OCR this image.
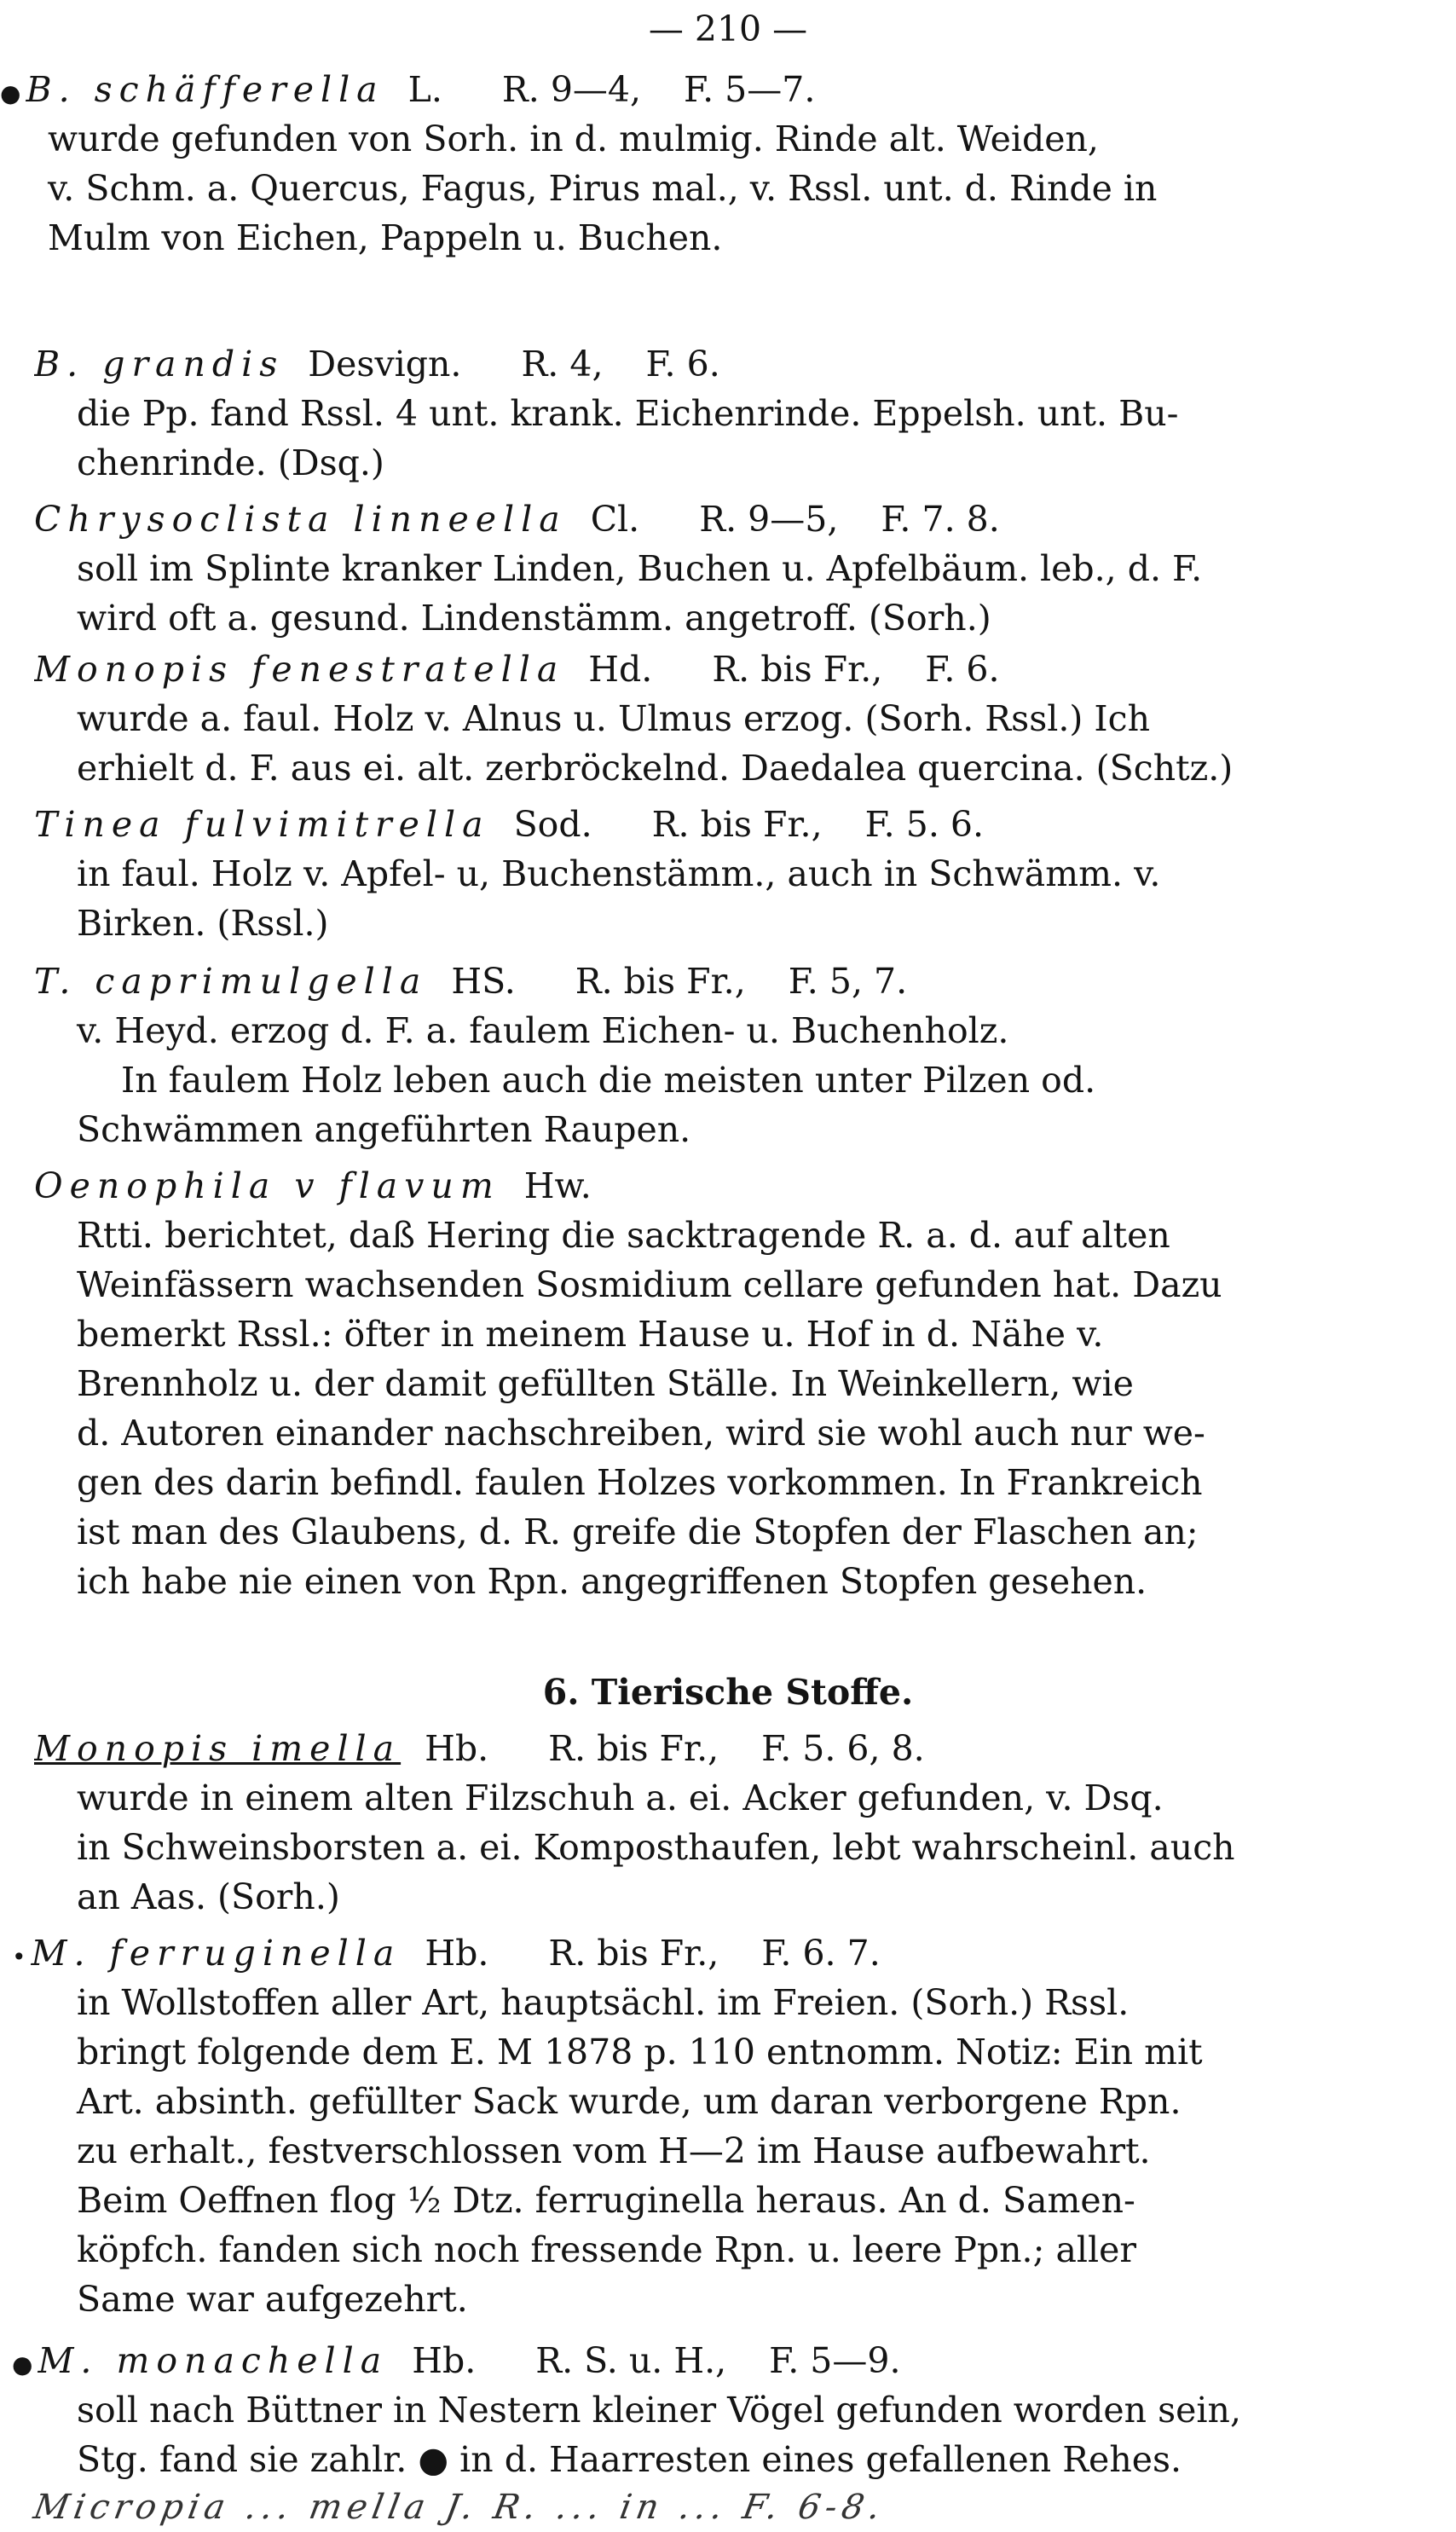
— 210 —
● B. schäfferella L. R. 9—4, F. 5—7.
wurde gefunden von Sorh. in d. mulmig. Rinde alt. Weiden,
v. Schm. a. Quercus, Fagus, Pirus mal., v. Rssl. unt. d. Rinde in
Mulm von Eichen, Pappeln u. Buchen.
B. grandis Desvign. R. 4, F. 6.
die Pp. fand Rssl. 4 unt. krank. Eichenrinde. Eppelsh. unt. Bu-
chenrinde. (Dsq.)
Chrysoclista linneella Cl. R. 9—5, F. 7. 8.
soll im Splinte kranker Linden, Buchen u. Apfelbäum. leb., d. F.
wird oft a. gesund. Lindenstämm. angetroff. (Sorh.)
Monopis fenestratella Hd. R. bis Fr., F. 6.
wurde a. faul. Holz v. Alnus u. Ulmus erzog. (Sorh. Rssl.) Ich
erhielt d. F. aus ei. alt. zerbröckelnd. Daedalea quercina. (Schtz.)
Tinea fulvimitrella Sod. R. bis Fr., F. 5. 6.
in faul. Holz v. Apfel- u, Buchenstämm., auch in Schwämm. v.
Birken. (Rssl.)
T. caprimulgella HS. R. bis Fr., F. 5, 7.
v. Heyd. erzog d. F. a. faulem Eichen- u. Buchenholz.
In faulem Holz leben auch die meisten unter Pilzen od.
Schwämmen angeführten Raupen.
Oenophila v flavum Hw.
Rtti. berichtet, daß Hering die sacktragende R. a. d. auf alten
Weinfässern wachsenden Sosmidium cellare gefunden hat. Dazu
bemerkt Rssl.: öfter in meinem Hause u. Hof in d. Nähe v.
Brennholz u. der damit gefüllten Ställe. In Weinkellern, wie
d. Autoren einander nachschreiben, wird sie wohl auch nur we-
gen des darin befindl. faulen Holzes vorkommen. In Frankreich
ist man des Glaubens, d. R. greife die Stopfen der Flaschen an;
ich habe nie einen von Rpn. angegriffenen Stopfen gesehen.
6. Tierische Stoffe.
Monopis imella Hb. R. bis Fr., F. 5. 6, 8.
wurde in einem alten Filzschuh a. ei. Acker gefunden, v. Dsq.
in Schweinsborsten a. ei. Komposthaufen, lebt wahrscheinl. auch
an Aas. (Sorh.)
• M. ferruginella Hb. R. bis Fr., F. 6. 7.
in Wollstoffen aller Art, hauptsächl. im Freien. (Sorh.) Rssl.
bringt folgende dem E. M 1878 p. 110 entnomm. Notiz: Ein mit
Art. absinth. gefüllter Sack wurde, um daran verborgene Rpn.
zu erhalt., festverschlossen vom H—2 im Hause aufbewahrt.
Beim Oeffnen flog ½ Dtz. ferruginella heraus. An d. Samen-
köpfch. fanden sich noch fressende Rpn. u. leere Ppn.; aller
Same war aufgezehrt.
● M. monachella Hb. R. S. u. H., F. 5—9.
soll nach Büttner in Nestern kleiner Vögel gefunden worden sein,
Stg. fand sie zahlr. ● in d. Haarresten eines gefallenen Rehes.
Micropia ... mella J. R. ... in ... F. 6-8.
